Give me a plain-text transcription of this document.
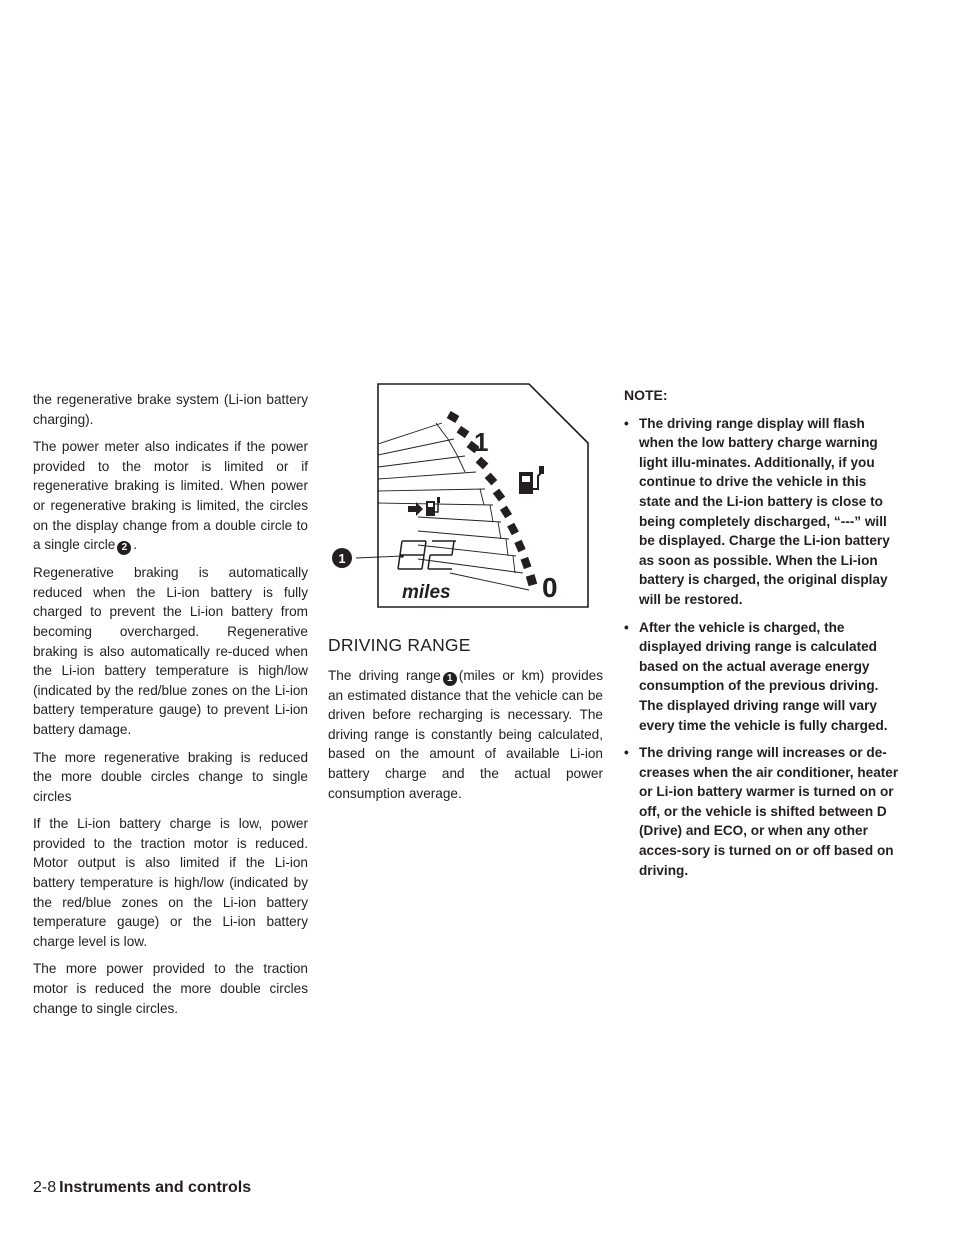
the regenerative brake system (Li-ion battery charging).

The power meter also indicates if the power provided to the motor is limited or if regenerative braking is limited. When power or regenerative braking is limited, the circles on the display change from a double circle to a single circle 2 .

Regenerative braking is automatically reduced when the Li-ion battery is fully charged to prevent the Li-ion battery from becoming overcharged. Regenerative braking is also automatically re-duced when the Li-ion battery temperature is high/low (indicated by the red/blue zones on the Li-ion battery temperature gauge) to prevent Li-ion battery damage.

The more regenerative braking is reduced the more double circles change to single circles

If the Li-ion battery charge is low, power provided to the traction motor is reduced. Motor output is also limited if the Li-ion battery temperature is high/low (indicated by the red/blue zones on the Li-ion battery temperature gauge) or the Li-ion battery charge level is low.

The more power provided to the traction motor is reduced the more double circles change to single circles.

1
0
miles
1
DRIVING RANGE

The driving range 1 (miles or km) provides an estimated distance that the vehicle can be driven before recharging is necessary. The driving range is constantly being calculated, based on the amount of available Li-ion battery charge and the actual power consumption average.

NOTE:
• The driving range display will flash when the low battery charge warning light illu-minates. Additionally, if you continue to drive the vehicle in this state and the Li-ion battery is close to being completely discharged, “---” will be displayed. Charge the Li-ion battery as soon as possible. When the Li-ion battery is charged, the original display will be restored.
• After the vehicle is charged, the displayed driving range is calculated based on the actual average energy consumption of the previous driving. The displayed driving range will vary every time the vehicle is fully charged.
• The driving range will increases or de-creases when the air conditioner, heater or Li-ion battery warmer is turned on or off, or the vehicle is shifted between D (Drive) and ECO, or when any other acces-sory is turned on or off based on driving.
2-8 Instruments and controls
